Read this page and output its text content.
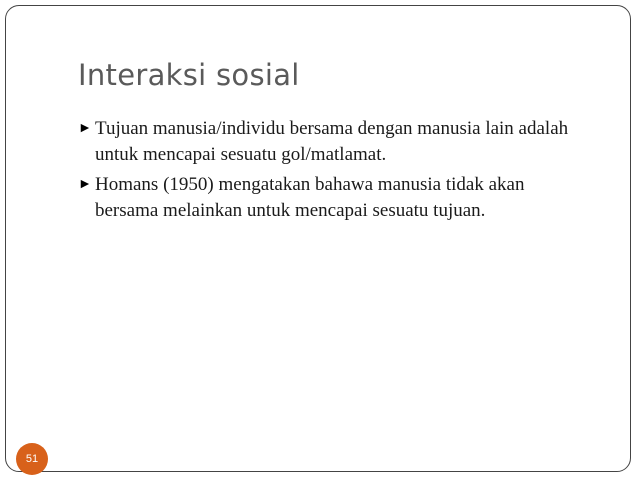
Interaksi sosial
► Tujuan manusia/individu bersama dengan manusia lain adalah untuk mencapai sesuatu gol/matlamat.
► Homans (1950) mengatakan bahawa manusia tidak akan bersama melainkan untuk mencapai sesuatu tujuan.
51
